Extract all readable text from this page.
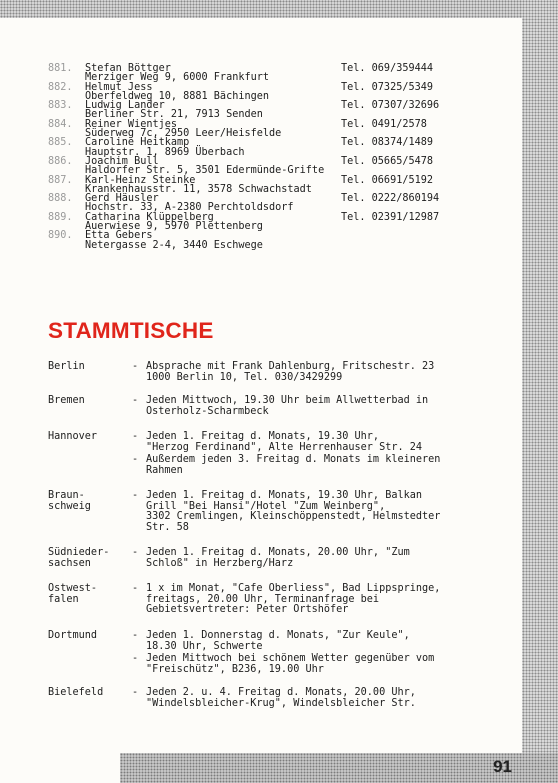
881. Stefan Böttger
Merziger Weg 9, 6000 Frankfurt
Tel. 069/359444
882. Helmut Jess
Oberfeldweg 10, 8881 Bächingen
Tel. 07325/5349
883. Ludwig Lander
Berliner Str. 21, 7913 Senden
Tel. 07307/32696
884. Reiner Wientjes
Süderweg 7c, 2950 Leer/Heisfelde
Tel. 0491/2578
885. Caroline Heitkamp
Hauptstr. 1, 8969 Überbach
Tel. 08374/1489
886. Joachim Bull
Haldorfer Str. 5, 3501 Edermünde-Grifte
Tel. 05665/5478
887. Karl-Heinz Steinke
Krankenhausstr. 11, 3578 Schwachstadt
Tel. 06691/5192
888. Gerd Häusler
Hochstr. 33, A-2380 Perchtoldsdorf
Tel. 0222/860194
889. Catharina Klüppelberg
Auerwiese 9, 5970 Plettenberg
Tel. 02391/12987
890. Etta Gebers
Netergasse 2-4, 3440 Eschwege
STAMMTISCHE
Berlin	- Absprache mit Frank Dahlenburg, Fritschestr. 23
1000 Berlin 10, Tel. 030/3429299
Bremen	- Jeden Mittwoch, 19.30 Uhr beim Allwetterbad in
Osterholz-Scharmbeck
Hannover	- Jeden 1. Freitag d. Monats, 19.30 Uhr,
"Herzog Ferdinand", Alte Herrenhauser Str. 24
- Außerdem jeden 3. Freitag d. Monats im kleineren
Rahmen
Braun-
schweig
- Jeden 1. Freitag d. Monats, 19.30 Uhr, Balkan
Grill "Bei Hansi"/Hotel "Zum Weinberg",
3302 Cremlingen, Kleinschöppenstedt, Helmstedter
Str. 58
Südnieder-
sachsen
- Jeden 1. Freitag d. Monats, 20.00 Uhr, "Zum
Schloß" in Herzberg/Harz
Ostwest-
falen
- 1 x im Monat, "Cafe Oberliess", Bad Lippspringe,
freitags, 20.00 Uhr, Terminanfrage bei
Gebietsvertreter: Peter Ortshöfer
Dortmund	- Jeden 1. Donnerstag d. Monats, "Zur Keule",
18.30 Uhr, Schwerte
- Jeden Mittwoch bei schönem Wetter gegenüber vom
"Freischütz", B236, 19.00 Uhr
Bielefeld	- Jeden 2. u. 4. Freitag d. Monats, 20.00 Uhr,
"Windelsbleicher-Krug", Windelsbleicher Str.
91
